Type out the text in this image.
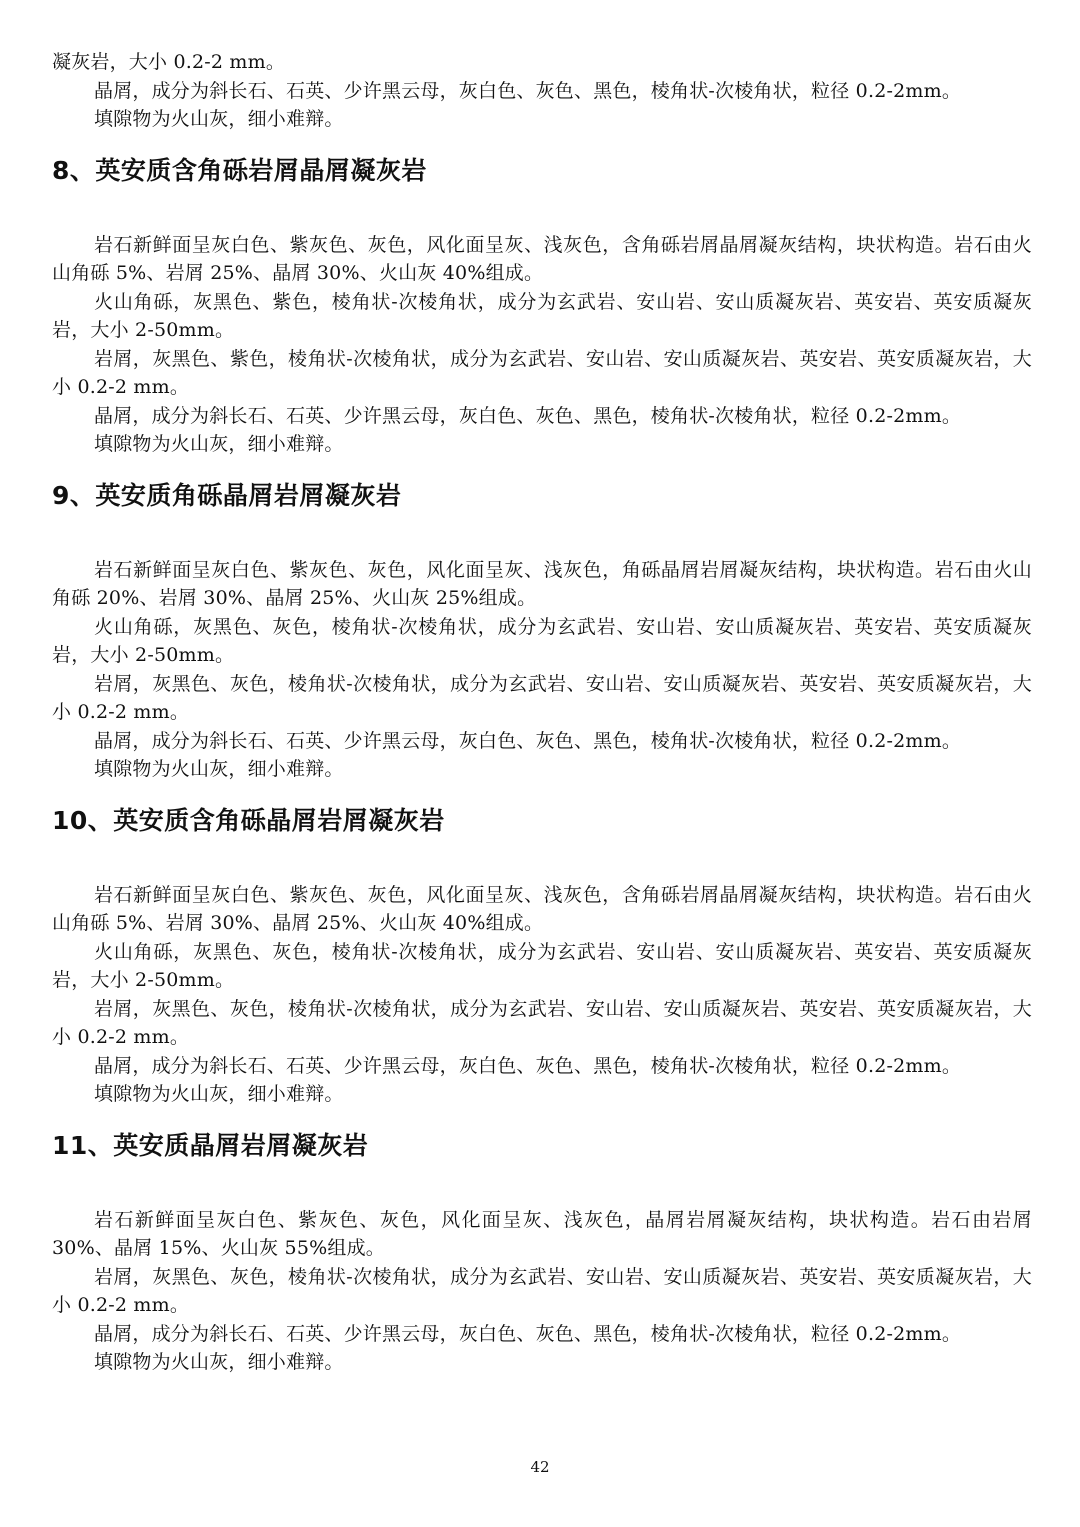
凝灰岩，大小 0.2-2 mm。

晶屑，成分为斜长石、石英、少许黑云母，灰白色、灰色、黑色，棱角状-次棱角状，粒径 0.2-2mm。

填隙物为火山灰，细小难辩。

8、英安质含角砾岩屑晶屑凝灰岩

岩石新鲜面呈灰白色、紫灰色、灰色，风化面呈灰、浅灰色，含角砾岩屑晶屑凝灰结构，块状构造。岩石由火山角砾 5%、岩屑 25%、晶屑 30%、火山灰 40%组成。

火山角砾，灰黑色、紫色，棱角状-次棱角状，成分为玄武岩、安山岩、安山质凝灰岩、英安岩、英安质凝灰岩，大小 2-50mm。

岩屑，灰黑色、紫色，棱角状-次棱角状，成分为玄武岩、安山岩、安山质凝灰岩、英安岩、英安质凝灰岩，大小 0.2-2 mm。

晶屑，成分为斜长石、石英、少许黑云母，灰白色、灰色、黑色，棱角状-次棱角状，粒径 0.2-2mm。

填隙物为火山灰，细小难辩。

9、英安质角砾晶屑岩屑凝灰岩

岩石新鲜面呈灰白色、紫灰色、灰色，风化面呈灰、浅灰色，角砾晶屑岩屑凝灰结构，块状构造。岩石由火山角砾 20%、岩屑 30%、晶屑 25%、火山灰 25%组成。

火山角砾，灰黑色、灰色，棱角状-次棱角状，成分为玄武岩、安山岩、安山质凝灰岩、英安岩、英安质凝灰岩，大小 2-50mm。

岩屑，灰黑色、灰色，棱角状-次棱角状，成分为玄武岩、安山岩、安山质凝灰岩、英安岩、英安质凝灰岩，大小 0.2-2 mm。

晶屑，成分为斜长石、石英、少许黑云母，灰白色、灰色、黑色，棱角状-次棱角状，粒径 0.2-2mm。

填隙物为火山灰，细小难辩。

10、英安质含角砾晶屑岩屑凝灰岩

岩石新鲜面呈灰白色、紫灰色、灰色，风化面呈灰、浅灰色，含角砾岩屑晶屑凝灰结构，块状构造。岩石由火山角砾 5%、岩屑 30%、晶屑 25%、火山灰 40%组成。

火山角砾，灰黑色、灰色，棱角状-次棱角状，成分为玄武岩、安山岩、安山质凝灰岩、英安岩、英安质凝灰岩，大小 2-50mm。

岩屑，灰黑色、灰色，棱角状-次棱角状，成分为玄武岩、安山岩、安山质凝灰岩、英安岩、英安质凝灰岩，大小 0.2-2 mm。

晶屑，成分为斜长石、石英、少许黑云母，灰白色、灰色、黑色，棱角状-次棱角状，粒径 0.2-2mm。

填隙物为火山灰，细小难辩。

11、英安质晶屑岩屑凝灰岩

岩石新鲜面呈灰白色、紫灰色、灰色，风化面呈灰、浅灰色，晶屑岩屑凝灰结构，块状构造。岩石由岩屑 30%、晶屑 15%、火山灰 55%组成。

岩屑，灰黑色、灰色，棱角状-次棱角状，成分为玄武岩、安山岩、安山质凝灰岩、英安岩、英安质凝灰岩，大小 0.2-2 mm。

晶屑，成分为斜长石、石英、少许黑云母，灰白色、灰色、黑色，棱角状-次棱角状，粒径 0.2-2mm。

填隙物为火山灰，细小难辩。

42
